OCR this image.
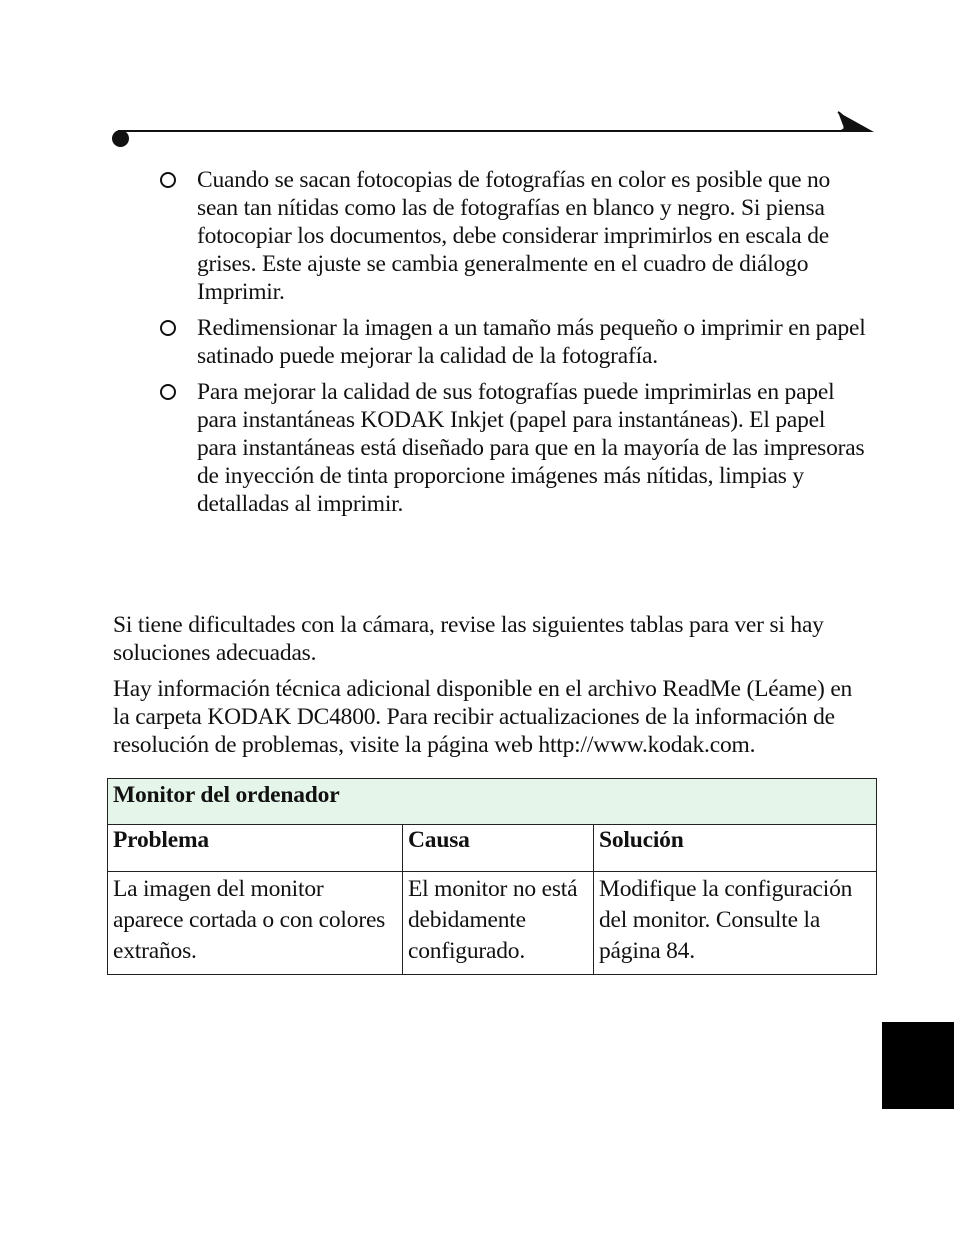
Cuando se sacan fotocopias de fotografías en color es posible que no sean tan nítidas como las de fotografías en blanco y negro. Si piensa fotocopiar los documentos, debe considerar imprimirlos en escala de grises. Este ajuste se cambia generalmente en el cuadro de diálogo Imprimir.
Redimensionar la imagen a un tamaño más pequeño o imprimir en papel satinado puede mejorar la calidad de la fotografía.
Para mejorar la calidad de sus fotografías puede imprimirlas en papel para instantáneas KODAK Inkjet (papel para instantáneas). El papel para instantáneas está diseñado para que en la mayoría de las impresoras de inyección de tinta proporcione imágenes más nítidas, limpias y detalladas al imprimir.

Si tiene dificultades con la cámara, revise las siguientes tablas para ver si hay soluciones adecuadas.

Hay información técnica adicional disponible en el archivo ReadMe (Léame) en la carpeta KODAK DC4800. Para recibir actualizaciones de la información de resolución de problemas, visite la página web http://www.kodak.com.

Monitor del ordenador		
Problema	Causa	Solución
La imagen del monitor aparece cortada o con colores extraños.	El monitor no está debidamente configurado.	Modifique la configuración del monitor. Consulte la página 84.
